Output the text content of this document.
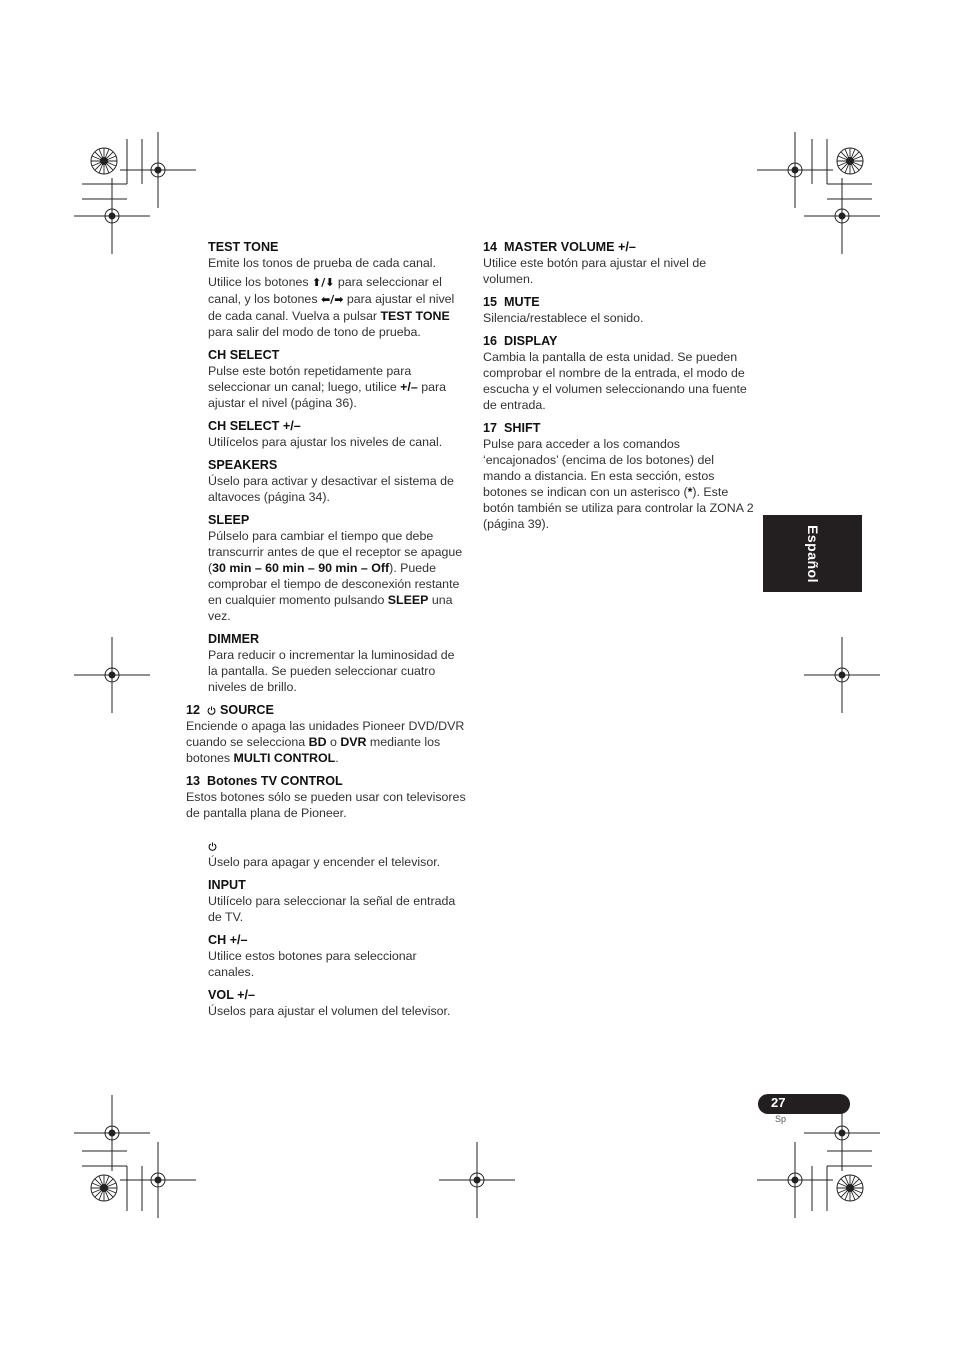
TEST TONE
Emite los tonos de prueba de cada canal.
Utilice los botones ⬆/⬇ para seleccionar el canal, y los botones ⬅/➡ para ajustar el nivel de cada canal. Vuelva a pulsar TEST TONE para salir del modo de tono de prueba.
CH SELECT
Pulse este botón repetidamente para seleccionar un canal; luego, utilice +/– para ajustar el nivel (página 36).
CH SELECT +/–
Utilícelos para ajustar los niveles de canal.
SPEAKERS
Úselo para activar y desactivar el sistema de altavoces (página 34).
SLEEP
Púlselo para cambiar el tiempo que debe transcurrir antes de que el receptor se apague (30 min – 60 min – 90 min – Off). Puede comprobar el tiempo de desconexión restante en cualquier momento pulsando SLEEP una vez.
DIMMER
Para reducir o incrementar la luminosidad de la pantalla. Se pueden seleccionar cuatro niveles de brillo.
12 SOURCE
Enciende o apaga las unidades Pioneer DVD/DVR cuando se selecciona BD o DVR mediante los botones MULTI CONTROL.
13 Botones TV CONTROL
Estos botones sólo se pueden usar con televisores de pantalla plana de Pioneer.
Úselo para apagar y encender el televisor.
INPUT
Utilícelo para seleccionar la señal de entrada de TV.
CH +/–
Utilice estos botones para seleccionar canales.
VOL +/–
Úselos para ajustar el volumen del televisor.
14 MASTER VOLUME +/–
Utilice este botón para ajustar el nivel de volumen.
15 MUTE
Silencia/restablece el sonido.
16 DISPLAY
Cambia la pantalla de esta unidad. Se pueden comprobar el nombre de la entrada, el modo de escucha y el volumen seleccionando una fuente de entrada.
17 SHIFT
Pulse para acceder a los comandos ‘encajonados’ (encima de los botones) del mando a distancia. En esta sección, estos botones se indican con un asterisco (*). Este botón también se utiliza para controlar la ZONA 2 (página 39).
Español
27
Sp
